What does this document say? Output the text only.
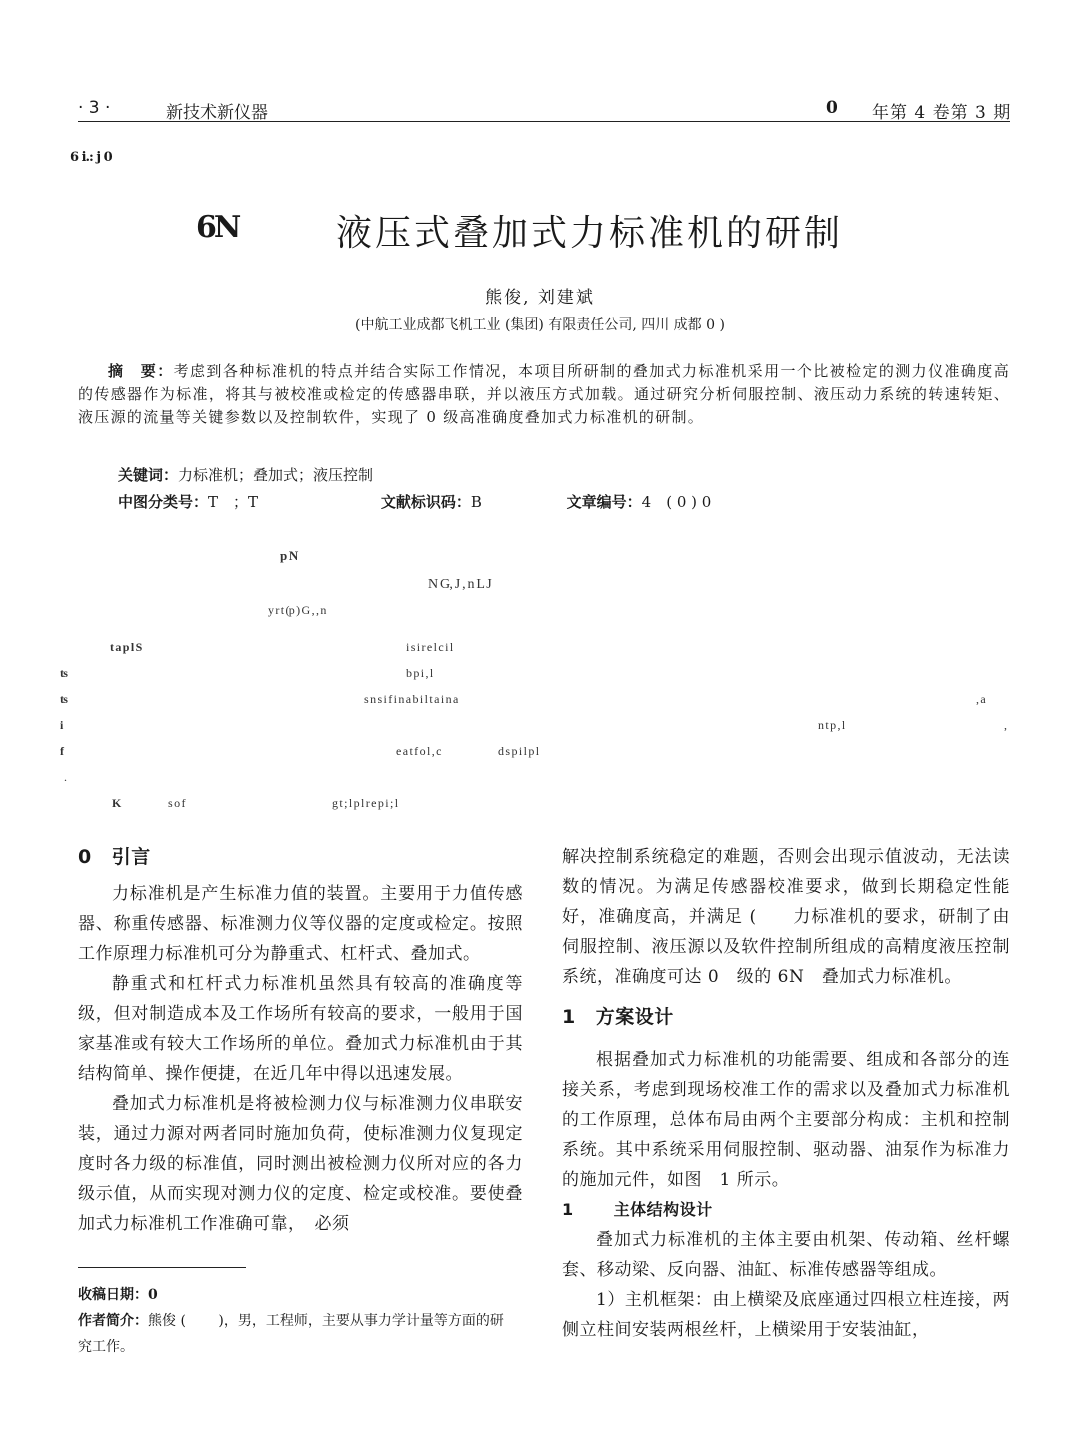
· 3 ·	新技术新仪器	0 年第 4 卷第 3 期
6 i.: j 0
6N	液压式叠加式力标准机的研制
熊俊, 刘建斌
(中航工业成都飞机工业 (集团) 有限责任公司, 四川 成都 0 )

摘　要：考虑到各种标准机的特点并结合实际工作情况，本项目所研制的叠加式力标准机采用一个比被检定的测力仪准确度高的传感器作为标准，将其与被校准或检定的传感器串联，并以液压方式加载。通过研究分析伺服控制、液压动力系统的转速转矩、液压源的流量等关键参数以及控制软件，实现了 0 级高准确度叠加式力标准机的研制。

关键词：力标准机；叠加式；液压控制
中图分类号：T　；T	文献标识码：B	文章编号：4　( 0 ) 0
p N
N G, J , n L J
y r t (p ) G , , n
t a p l S	i s i r e l c i l
ts	b p i , l
ts	s n s i f i n a b i l t a i n a	, a
i	n t p , l	,
f	e a t f o l , c	d s p i l p l
.
K	s o f	g t ; l p l r e p i ; l

0 引言

力标准机是产生标准力值的装置。主要用于力值传感器、称重传感器、标准测力仪等仪器的定度或检定。按照工作原理力标准机可分为静重式、杠杆式、叠加式。

静重式和杠杆式力标准机虽然具有较高的准确度等级，但对制造成本及工作场所有较高的要求，一般用于国家基准或有较大工作场所的单位。叠加式力标准机由于其结构简单、操作便捷，在近几年中得以迅速发展。

叠加式力标准机是将被检测力仪与标准测力仪串联安装，通过力源对两者同时施加负荷，使标准测力仪复现定度时各力级的标准值，同时测出被检测力仪所对应的各力级示值，从而实现对测力仪的定度、检定或校准。要使叠加式力标准机工作准确可靠，　必须

解决控制系统稳定的难题，否则会出现示值波动，无法读数的情况。为满足传感器校准要求，做到长期稳定性能好，准确度高，并满足 (　　力标准机的要求，研制了由伺服控制、液压源以及软件控制所组成的高精度液压控制系统，准确度可达 0　级的 6N　叠加式力标准机。

1 方案设计

根据叠加式力标准机的功能需要、组成和各部分的连接关系，考虑到现场校准工作的需求以及叠加式力标准机的工作原理，总体布局由两个主要部分构成：主机和控制系统。其中系统采用伺服控制、驱动器、油泵作为标准力的施加元件，如图　1 所示。

1	主体结构设计

叠加式力标准机的主体主要由机架、传动箱、丝杆螺套、移动梁、反向器、油缸、标准传感器等组成。

1）主机框架：由上横梁及底座通过四根立柱连接，两侧立柱间安装两根丝杆，上横梁用于安装油缸，

收稿日期：0
作者简介：熊俊 (　　 )，男，工程师，主要从事力学计量等方面的研究工作。
